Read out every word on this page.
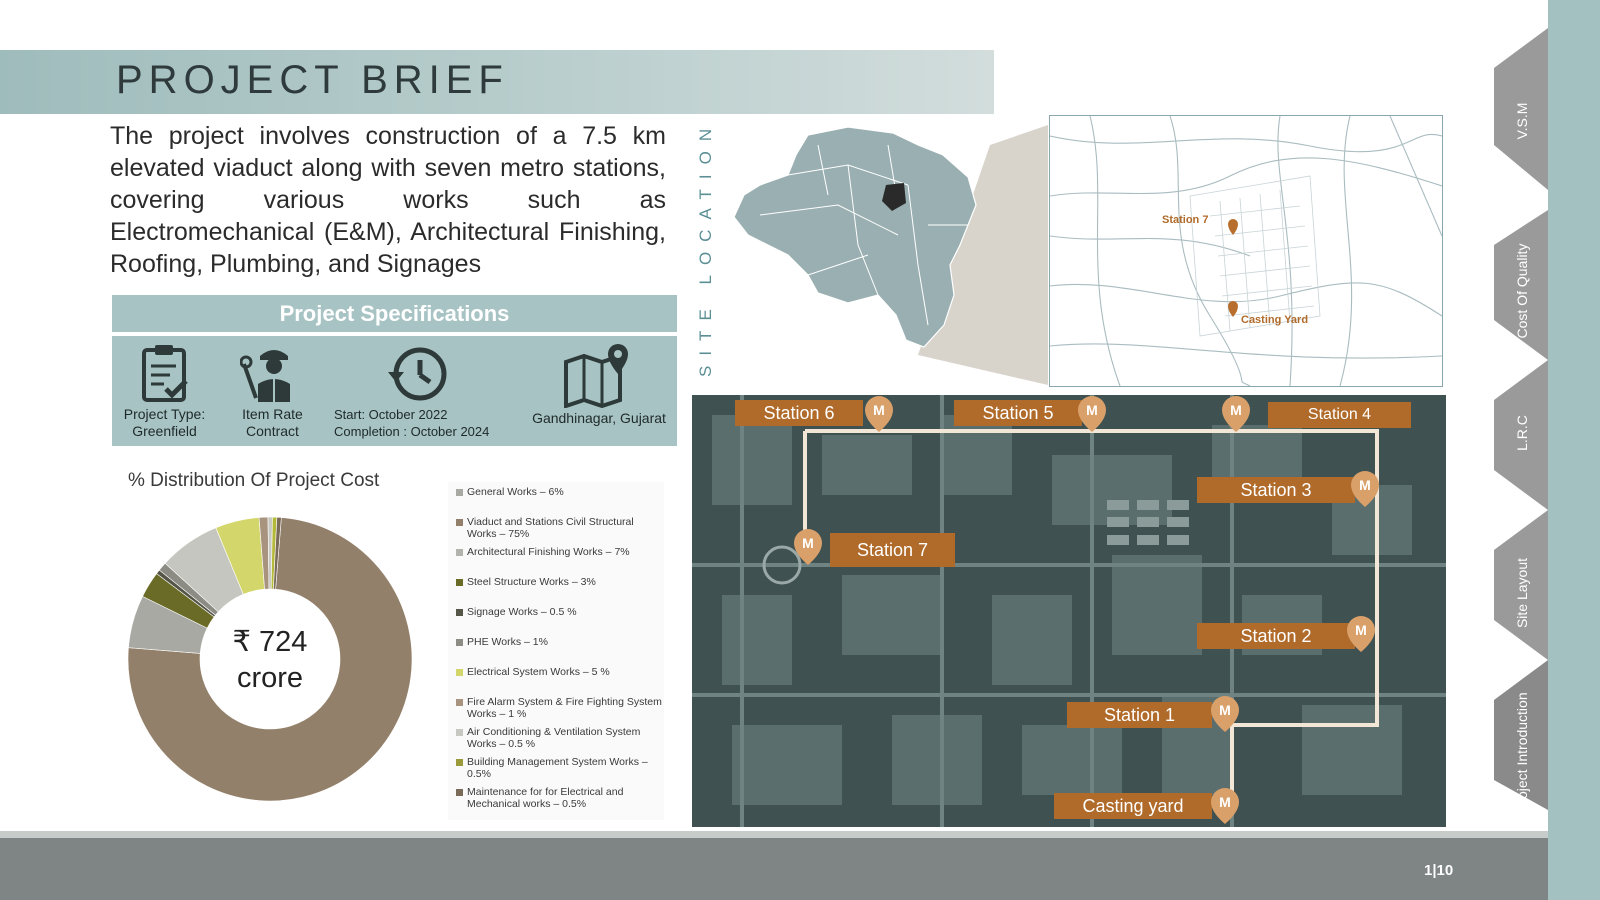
PROJECT BRIEF
The project involves construction of a 7.5 km elevated viaduct along with seven metro stations, covering various works such as Electromechanical (E&M), Architectural Finishing, Roofing, Plumbing, and Signages
Project Specifications
Project Type:
Greenfield
Item Rate
Contract
Start: October 2022
Completion : October 2024
Gandhinagar, Gujarat
SITE LOCATION	Station 7
Casting Yard
Station 6	Station 5	Station 4
Station 3
Station 7
Station 2
Station 1
Casting yard
M	M	M
M
M
M
M
M
% Distribution Of Project Cost
₹ 724
crore
General Works – 6%
Viaduct and Stations Civil Structural Works – 75%
Architectural Finishing Works – 7%
Steel Structure Works – 3%
Signage Works – 0.5 %
PHE Works – 1%
Electrical System Works – 5 %
Fire Alarm System & Fire Fighting System Works – 1 %
Air Conditioning & Ventilation System Works – 0.5 %
Building Management System Works – 0.5%
Maintenance for for Electrical and Mechanical works – 0.5%
1|10
V.S.M
Cost Of Quality
L.R.C
Site Layout
Project Introduction
